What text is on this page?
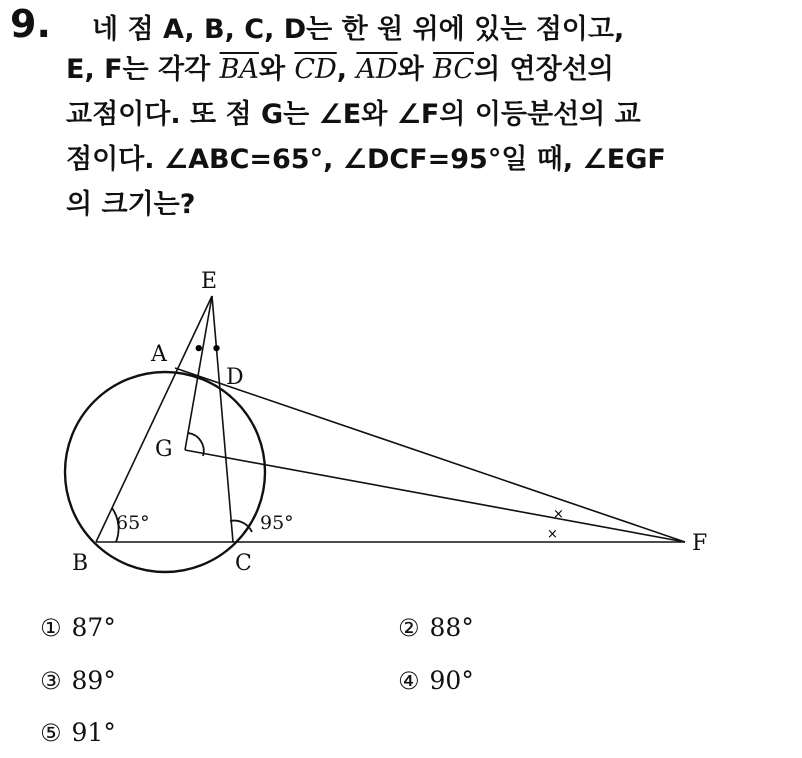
9. 네 점 A, B, C, D는 한 원 위에 있는 점이고,
E, F는 각각 $\overline{BA}$와 $\overline{CD}$, $\overline{AD}$와 $\overline{BC}$의 연장선의
교점이다. 또 점 G는 ∠E와 ∠F의 이등분선의 교
점이다. ∠ABC=65°, ∠DCF=95°일 때, ∠EGF
의 크기는?
• •
×
×
E
A
D
G
B	C
F
65°	95°
① 87°	② 88°
③ 89°	④ 90°
⑤ 91°
